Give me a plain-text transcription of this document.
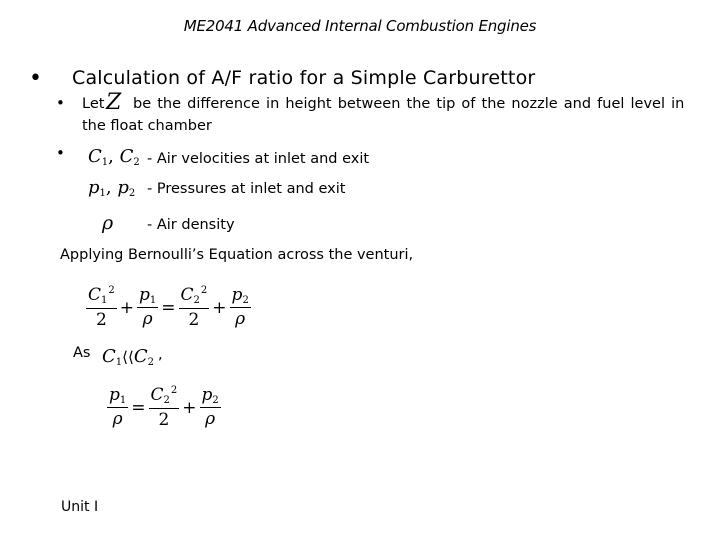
ME2041 Advanced Internal Combustion Engines
• Calculation of A/F ratio for a Simple Carburettor
• Let Z be the difference in height between the tip of the nozzle and fuel level in
the float chamber
• $C_1$, $C_2$ - Air velocities at inlet and exit
$p_1$, $p_2$ - Pressures at inlet and exit
ρ - Air density
Applying Bernoulli’s Equation across the venturi,
$\frac{C_1^2}{2} + \frac{p_1}{\rho} = \frac{C_2^2}{2} + \frac{p_2}{\rho}$
As $C_1⟨⟨C_2$ ,
$\frac{p_1}{\rho} = \frac{C_2^2}{2} + \frac{p_2}{\rho}$
Unit I
